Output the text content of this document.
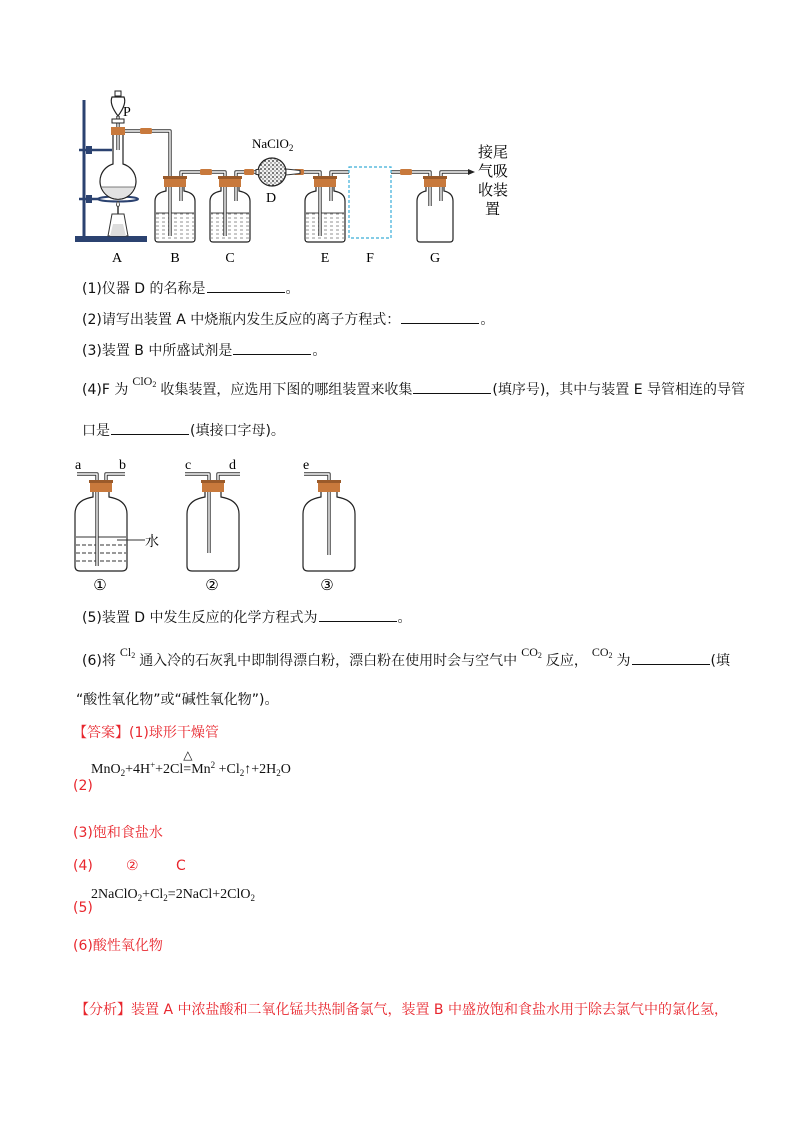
P
NaClO$_2$
D
接尾
气吸
收装
置
A	B	C	E	F	G
(1)仪器 D 的名称是	。
(2)请写出装置 A 中烧瓶内发生反应的离子方程式：	。
(3)装置 B 中所盛试剂是	。
(4)F 为ClO$_2$ 收集装置，应选用下图的哪组装置来收集	(填序号)，其中与装置 E 导管相连的导管
口是	(填接口字母)。
a	b	c	d	e
水
①	②	③
(5)装置 D 中发生反应的化学方程式为	。
(6)将$Cl_2$ 通入冷的石灰乳中即制得漂白粉，漂白粉在使用时会与空气中$CO_2$ 反应，$CO_2$ 为	(填
“酸性氧化物”或“碱性氧化物”)。
【答案】(1)球形干燥管
(2)
MnO$_2$+4H++2Cl
△
$=Mn^2$ $+Cl_2↑+2H_2O$
(3)饱和食盐水
(4) ②	C
(5)
$2NaClO_2+Cl_2=2NaCl+2ClO_2$
(6)酸性氧化物
【分析】装置 A 中浓盐酸和二氧化锰共热制备氯气，装置 B 中盛放饱和食盐水用于除去氯气中的氯化氢，
